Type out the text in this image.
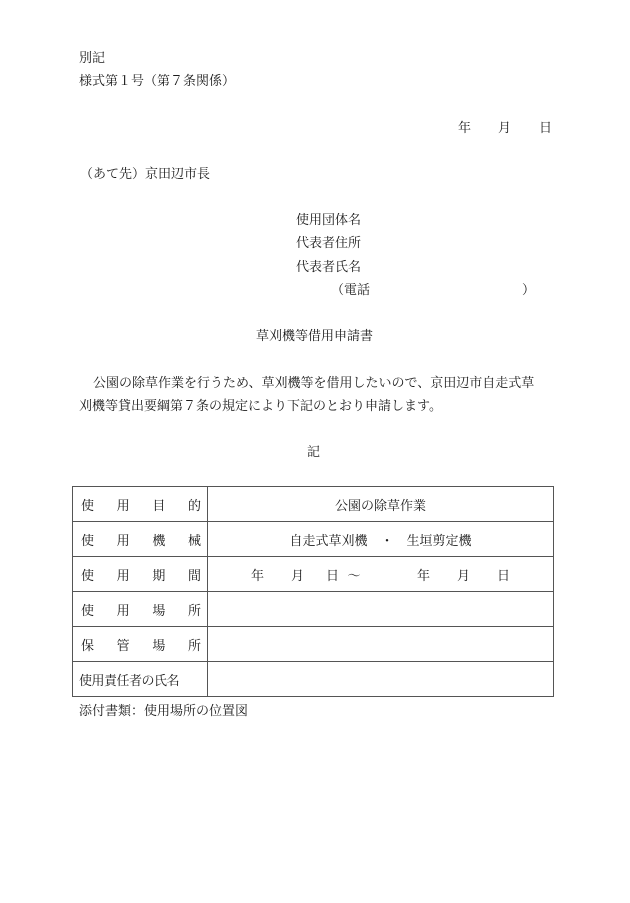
別記
様式第１号（第７条関係）
年 月 日
（あて先）京田辺市長
使用団体名
代表者住所
代表者氏名
（電話	）
草刈機等借用申請書
公園の除草作業を行うため、草刈機等を借用したいので、京田辺市自走式草
刈機等貸出要綱第７条の規定により下記のとおり申請します。
記
使 用 目 的	公園の除草作業

使 用 機 械	自走式草刈機　・　生垣剪定機

使 用 期 間	年	月	日 ～	年	月	日

使 用 場 所	

保 管 場 所	

使用責任者の氏名	
添付書類：使用場所の位置図
